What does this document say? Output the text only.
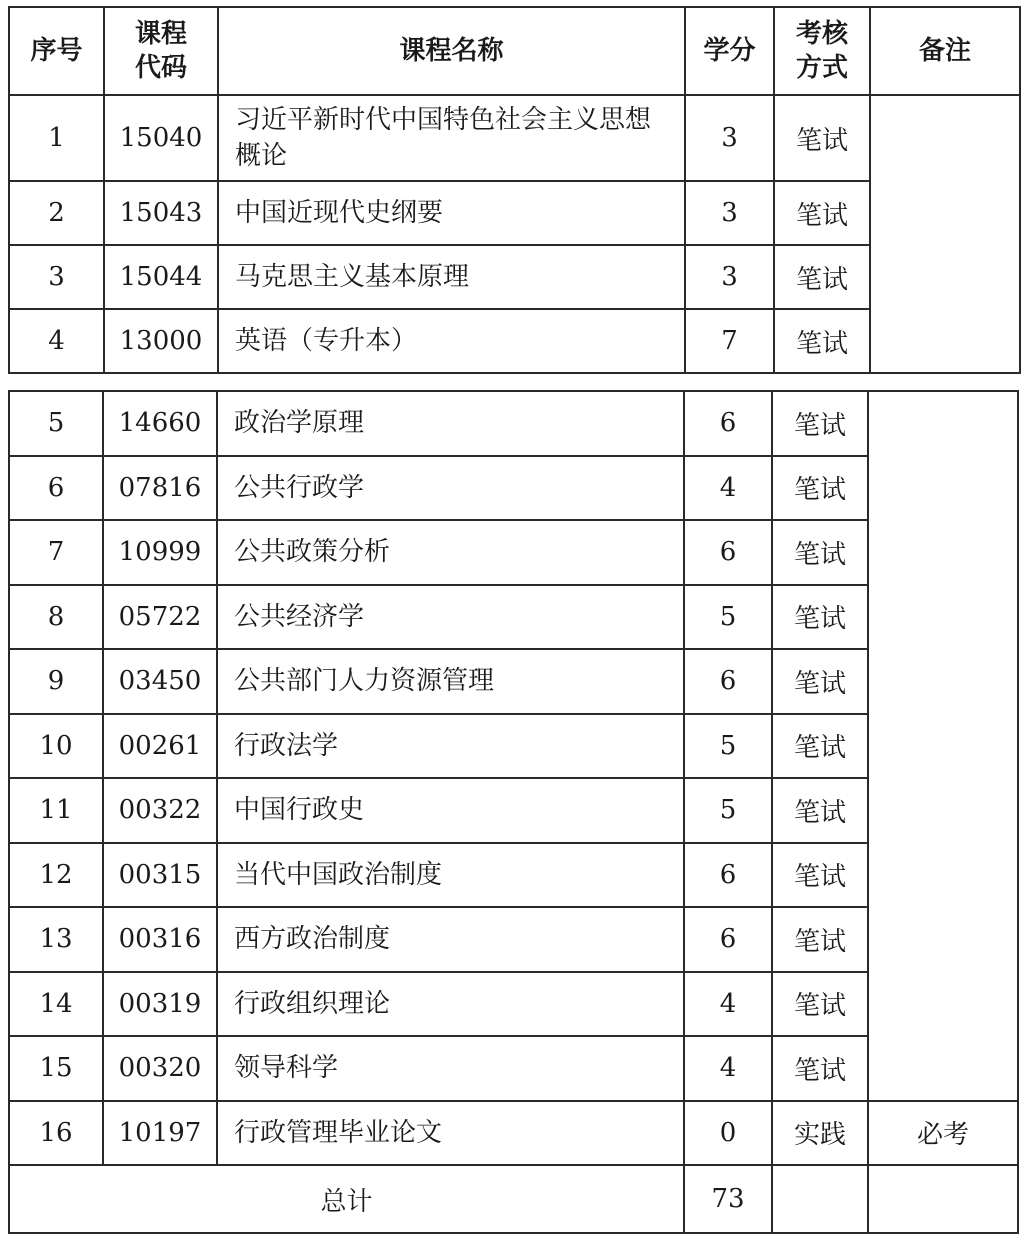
序号	课程代码	课程名称	学分	考核方式	备注
1	15040	习近平新时代中国特色社会主义思想概论	3	笔试	
2	15043	中国近现代史纲要	3	笔试	
3	15044	马克思主义基本原理	3	笔试	
4	13000	英语（专升本）	7	笔试	
5	14660	政治学原理	6	笔试	
6	07816	公共行政学	4	笔试	
7	10999	公共政策分析	6	笔试	
8	05722	公共经济学	5	笔试	
9	03450	公共部门人力资源管理	6	笔试	
10	00261	行政法学	5	笔试	
11	00322	中国行政史	5	笔试	
12	00315	当代中国政治制度	6	笔试	
13	00316	西方政治制度	6	笔试	
14	00319	行政组织理论	4	笔试	
15	00320	领导科学	4	笔试	
16	10197	行政管理毕业论文	0	实践	必考
总计			73		
